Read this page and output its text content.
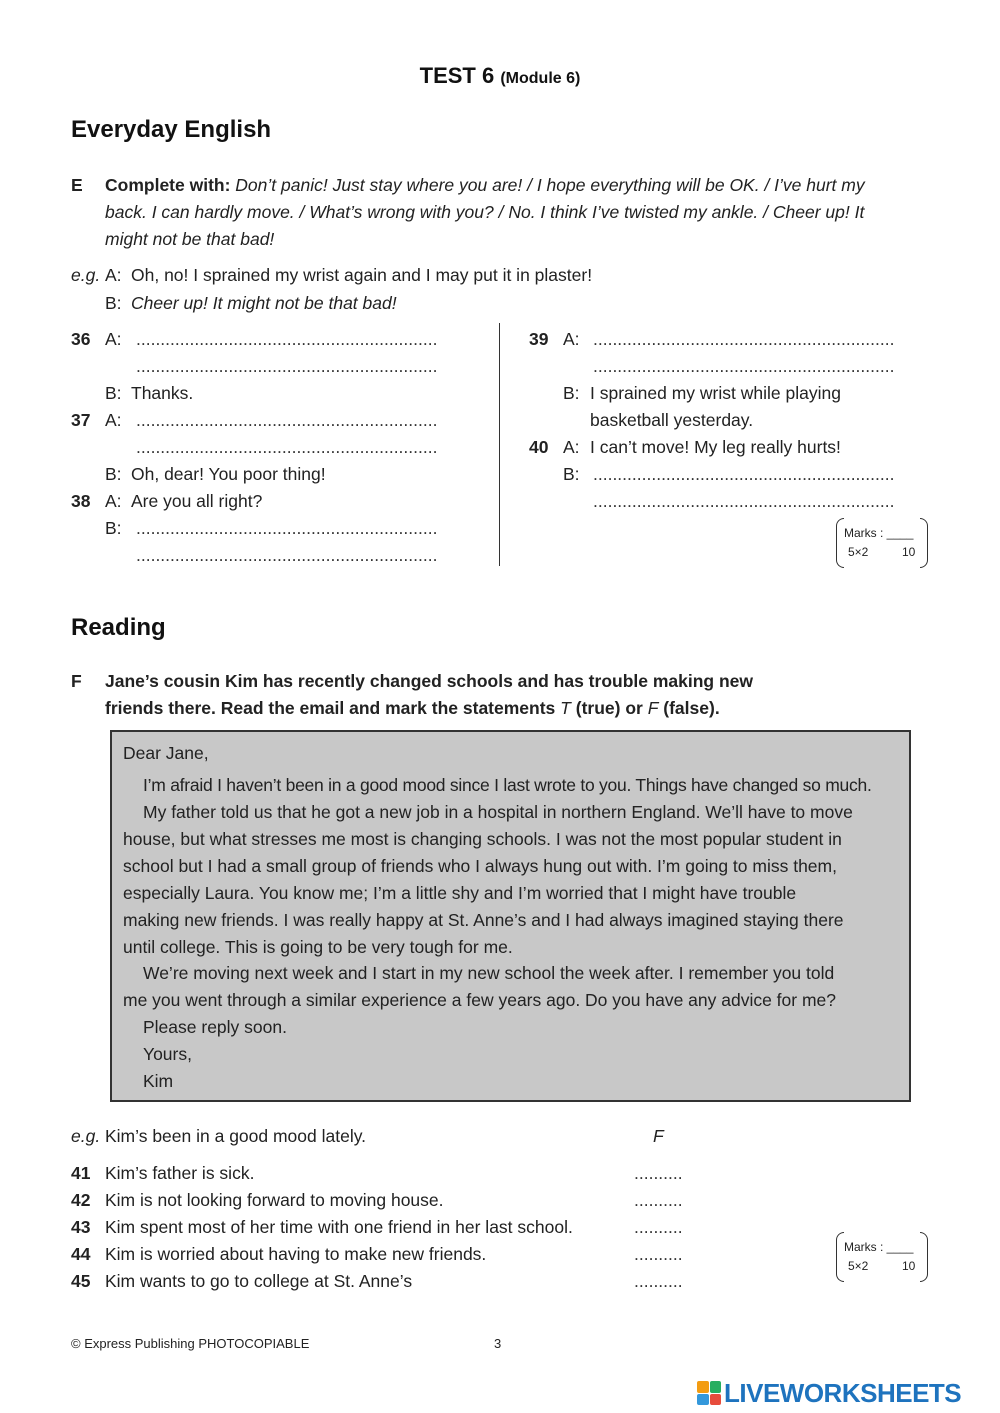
TEST 6 (Module 6)
Everyday English
E Complete with: Don’t panic! Just stay where you are! / I hope everything will be OK. / I’ve hurt my
back. I can hardly move. / What’s wrong with you? / No. I think I’ve twisted my ankle. / Cheer up! It
might not be that bad!
e.g. A: Oh, no! I sprained my wrist again and I may put it in plaster!
B: Cheer up! It might not be that bad!
36 A: ..............................................................
..............................................................
B: Thanks.
37 A: ..............................................................
..............................................................
B: Oh, dear! You poor thing!
38 A: Are you all right?
B: ..............................................................
..............................................................
39 A: ..............................................................
..............................................................
B: I sprained my wrist while playing
basketball yesterday.
40 A: I can’t move! My leg really hurts!
B: ..............................................................
..............................................................
Marks : ____
5×2	10
Reading
F Jane’s cousin Kim has recently changed schools and has trouble making new
friends there. Read the email and mark the statements T (true) or F (false).
Dear Jane,
I’m afraid I haven’t been in a good mood since I last wrote to you. Things have changed so much.
My father told us that he got a new job in a hospital in northern England. We’ll have to move
house, but what stresses me most is changing schools. I was not the most popular student in
school but I had a small group of friends who I always hung out with. I’m going to miss them,
especially Laura. You know me; I’m a little shy and I’m worried that I might have trouble
making new friends. I was really happy at St. Anne’s and I had always imagined staying there
until college. This is going to be very tough for me.
We’re moving next week and I start in my new school the week after. I remember you told
me you went through a similar experience a few years ago. Do you have any advice for me?
Please reply soon.
Yours,
Kim
e.g. Kim’s been in a good mood lately.	F
41 Kim’s father is sick.	..........
42 Kim is not looking forward to moving house.	..........
43 Kim spent most of her time with one friend in her last school.	..........
44 Kim is worried about having to make new friends.	..........
45 Kim wants to go to college at St. Anne’s	..........
Marks : ____
5×2	10
© Express Publishing PHOTOCOPIABLE	3
LIVEWORKSHEETS
